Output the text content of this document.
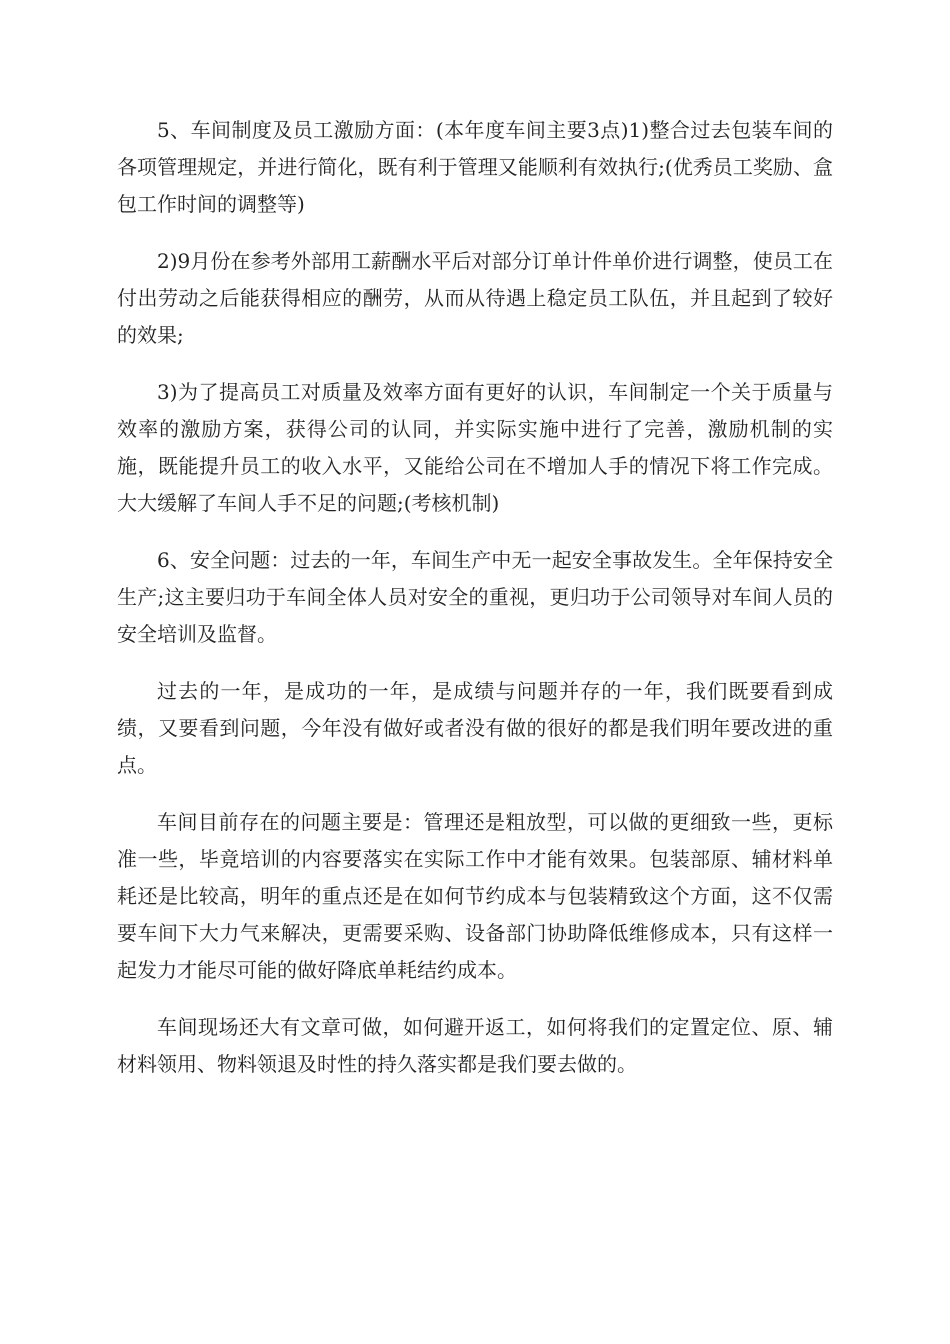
5、车间制度及员工激励方面：(本年度车间主要3点)1)整合过去包装车间的各项管理规定，并进行简化，既有利于管理又能顺利有效执行;(优秀员工奖励、盒包工作时间的调整等)

2)9月份在参考外部用工薪酬水平后对部分订单计件单价进行调整，使员工在付出劳动之后能获得相应的酬劳，从而从待遇上稳定员工队伍，并且起到了较好的效果;

3)为了提高员工对质量及效率方面有更好的认识，车间制定一个关于质量与效率的激励方案，获得公司的认同，并实际实施中进行了完善，激励机制的实施，既能提升员工的收入水平，又能给公司在不增加人手的情况下将工作完成。大大缓解了车间人手不足的问题;(考核机制)

6、安全问题：过去的一年，车间生产中无一起安全事故发生。全年保持安全生产;这主要归功于车间全体人员对安全的重视，更归功于公司领导对车间人员的安全培训及监督。

过去的一年，是成功的一年，是成绩与问题并存的一年，我们既要看到成绩，又要看到问题，今年没有做好或者没有做的很好的都是我们明年要改进的重点。

车间目前存在的问题主要是：管理还是粗放型，可以做的更细致一些，更标准一些，毕竟培训的内容要落实在实际工作中才能有效果。包装部原、辅材料单耗还是比较高，明年的重点还是在如何节约成本与包装精致这个方面，这不仅需要车间下大力气来解决，更需要采购、设备部门协助降低维修成本，只有这样一起发力才能尽可能的做好降底单耗结约成本。

车间现场还大有文章可做，如何避开返工，如何将我们的定置定位、原、辅材料领用、物料领退及时性的持久落实都是我们要去做的。
